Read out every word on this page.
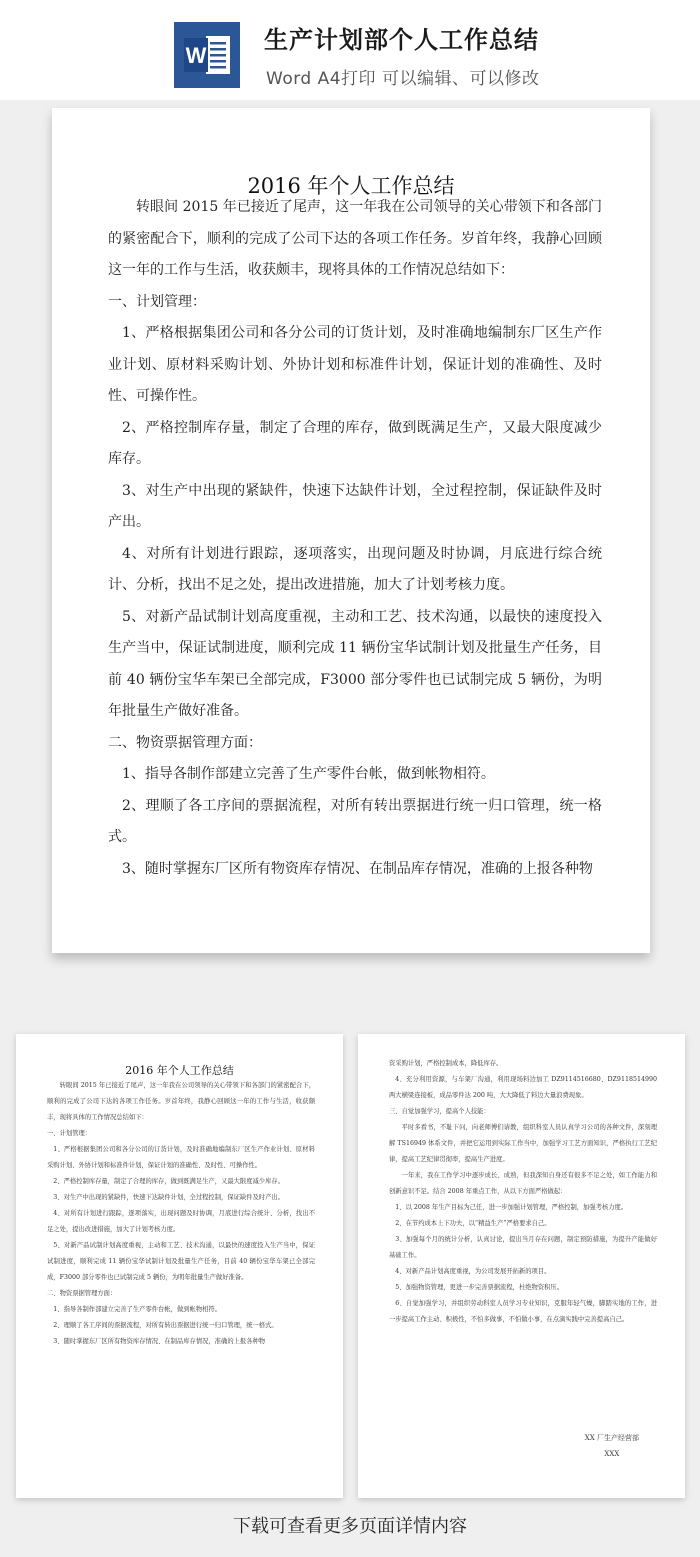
W
生产计划部个人工作总结
Word A4打印 可以编辑、可以修改
2016 年个人工作总结

转眼间 2015 年已接近了尾声，这一年我在公司领导的关心带领下和各部门的紧密配合下，顺利的完成了公司下达的各项工作任务。岁首年终，我静心回顾这一年的工作与生活，收获颇丰，现将具体的工作情况总结如下：

一、计划管理：

1、严格根据集团公司和各分公司的订货计划，及时准确地编制东厂区生产作业计划、原材料采购计划、外协计划和标准件计划，保证计划的准确性、及时性、可操作性。

2、严格控制库存量，制定了合理的库存，做到既满足生产，又最大限度减少库存。

3、对生产中出现的紧缺件，快速下达缺件计划，全过程控制，保证缺件及时产出。

4、对所有计划进行跟踪，逐项落实，出现问题及时协调，月底进行综合统计、分析，找出不足之处，提出改进措施，加大了计划考核力度。

5、对新产品试制计划高度重视，主动和工艺、技术沟通，以最快的速度投入生产当中，保证试制进度，顺利完成 11 辆份宝华试制计划及批量生产任务，目前 40 辆份宝华车架已全部完成，F3000 部分零件也已试制完成 5 辆份，为明年批量生产做好准备。

二、物资票据管理方面：

1、指导各制作部建立完善了生产零件台帐，做到帐物相符。

2、理顺了各工序间的票据流程，对所有转出票据进行统一归口管理，统一格式。

3、随时掌握东厂区所有物资库存情况、在制品库存情况，准确的上报各种物

2016 年个人工作总结

转眼间 2015 年已接近了尾声，这一年我在公司领导的关心带领下和各部门的紧密配合下，顺利的完成了公司下达的各项工作任务。岁首年终，我静心回顾这一年的工作与生活，收获颇丰，现将具体的工作情况总结如下：

一、计划管理：

1、严格根据集团公司和各分公司的订货计划，及时准确地编制东厂区生产作业计划、原材料采购计划、外协计划和标准件计划，保证计划的准确性、及时性、可操作性。

2、严格控制库存量，制定了合理的库存，做到既满足生产，又最大限度减少库存。

3、对生产中出现的紧缺件，快速下达缺件计划，全过程控制，保证缺件及时产出。

4、对所有计划进行跟踪，逐项落实，出现问题及时协调，月底进行综合统计、分析，找出不足之处，提出改进措施，加大了计划考核力度。

5、对新产品试制计划高度重视，主动和工艺、技术沟通，以最快的速度投入生产当中，保证试制进度，顺利完成 11 辆份宝华试制计划及批量生产任务，目前 40 辆份宝华车架已全部完成，F3000 部分零件也已试制完成 5 辆份，为明年批量生产做好准备。

二、物资票据管理方面：

1、指导各制作部建立完善了生产零件台帐，做到帐物相符。

2、理顺了各工序间的票据流程，对所有转出票据进行统一归口管理，统一格式。

3、随时掌握东厂区所有物资库存情况、在制品库存情况，准确的上报各种物

资采购计划，严格控制成本，降低库存。

4、充分利用资源，与车架厂沟通，利用现场料边加工 DZ9114516680、DZ9118514990 两大横梁连接板，成品零件达 200 吨，大大降低了料边大量浪费现象。

三、自觉加强学习，提高个人技能：

平时多看书，不耻下问，向老师傅们请教，组织科室人员认真学习公司的各种文件，深刻理解 TS16949 体系文件，并把它运用到实际工作当中，加强学习工艺方面知识，严格执行工艺纪律，提高工艺纪律贯彻率，提高生产进度。

一年来，我在工作学习中逐步成长、成熟，但我深知自身还有很多不足之处，如工作能力和创新意识不足。结合 2008 年重点工作，从以下方面严格做起：

1、以 2008 年生产目标为己任，进一步加强计划管理，严格控制，加强考核力度。

2、在节约成本上下功夫，以“精益生产”严格要求自己。

3、加强每个月的统计分析，认真讨论，提出当月存在问题，制定预防措施，为提升产能做好基础工作。

4、对新产品计划高度重视，为公司发展开拓新的项目。

5、加强物资管理，更进一步完善票据流程，杜绝物资积压。

6、自觉加强学习，并组织劳动科室人员学习专业知识，克服年轻气燥，脚踏实地的工作，进一步提高工作主动、积极性，不怕多做事，不怕做小事，在点滴实践中完善提高自己。

XX 厂生产经营部
XXX
下载可查看更多页面详情内容
